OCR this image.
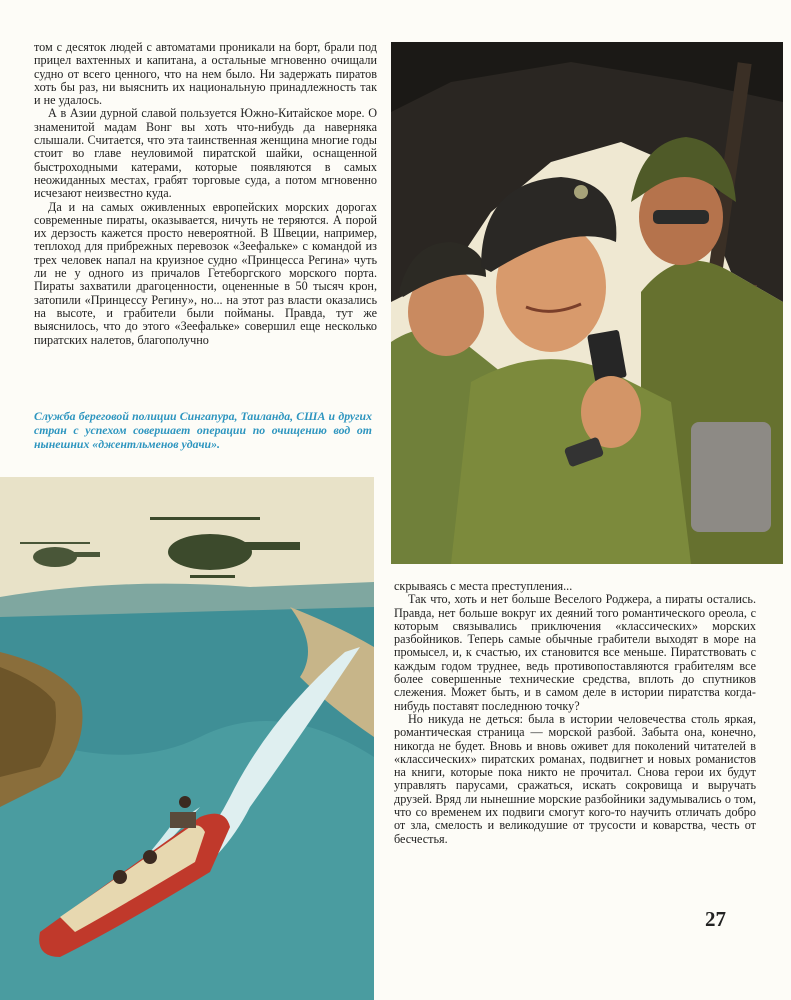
том с десяток людей с автоматами проникали на борт, брали под прицел вахтенных и капитана, а остальные мгновенно очищали судно от всего ценного, что на нем было. Ни задержать пиратов хоть бы раз, ни выяснить их национальную принадлежность так и не удалось.

А в Азии дурной славой пользуется Южно-Китайское море. О знаменитой мадам Вонг вы хоть что-нибудь да наверняка слышали. Считается, что эта таинственная женщина многие годы стоит во главе неуловимой пиратской шайки, оснащенной быстроходными катерами, которые появляются в самых неожиданных местах, грабят торговые суда, а потом мгновенно исчезают неизвестно куда.

Да и на самых оживленных европейских морских дорогах современные пираты, оказывается, ничуть не теряются. А порой их дерзость кажется просто невероятной. В Швеции, например, теплоход для прибрежных перевозок «Зеефальке» с командой из трех человек напал на круизное судно «Принцесса Регина» чуть ли не у одного из причалов Гетеборгского морского порта. Пираты захватили драгоценности, оцененные в 50 тысяч крон, затопили «Принцессу Регину», но... на этот раз власти оказались на высоте, и грабители были пойманы. Правда, тут же выяснилось, что до этого «Зеефальке» совершил еще несколько пиратских налетов, благополучно

Служба береговой полиции Сингапура, Таиланда, США и других стран с успехом совершает операции по очищению вод от нынешних «джентльменов удачи».

скрываясь с места преступления...

Так что, хоть и нет больше Веселого Роджера, а пираты остались. Правда, нет больше вокруг их деяний того романтического ореола, с которым связывались приключения «классических» морских разбойников. Теперь самые обычные грабители выходят в море на промысел, и, к счастью, их становится все меньше. Пиратствовать с каждым годом труднее, ведь противопоставляются грабителям все более совершенные технические средства, вплоть до спутников слежения. Может быть, и в самом деле в истории пиратства когда-нибудь поставят последнюю точку?

Но никуда не деться: была в истории человечества столь яркая, романтическая страница — морской разбой. Забыта она, конечно, никогда не будет. Вновь и вновь оживет для поколений читателей в «классических» пиратских романах, подвигнет и новых романистов на книги, которые пока никто не прочитал. Снова герои их будут управлять парусами, сражаться, искать сокровища и выручать друзей. Вряд ли нынешние морские разбойники задумывались о том, что со временем их подвиги смогут кого-то научить отличать добро от зла, смелость и великодушие от трусости и коварства, честь от бесчестья.

27
